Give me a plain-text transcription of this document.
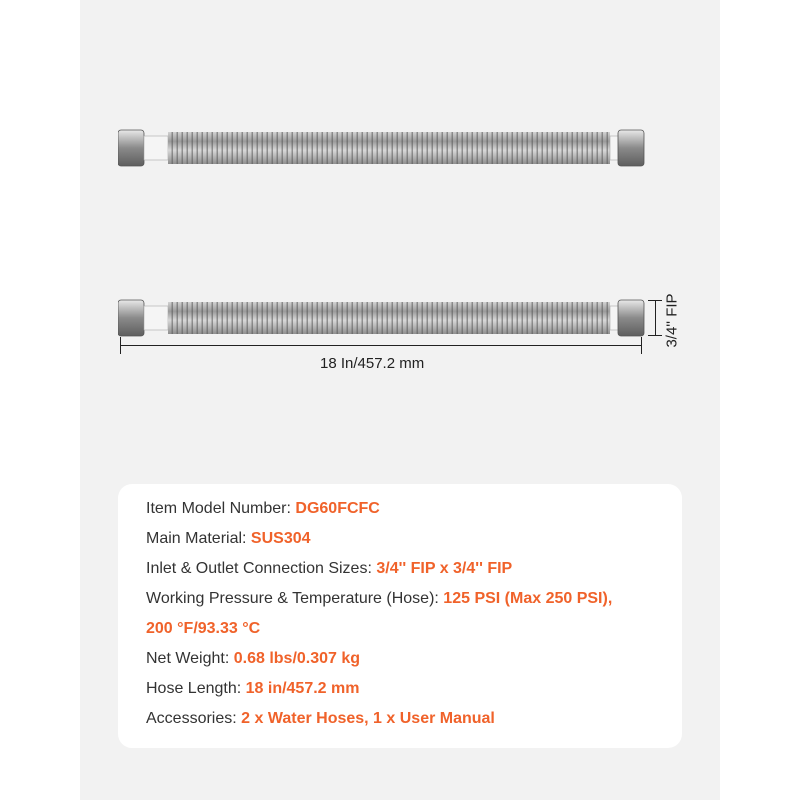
18 In/457.2 mm
3/4'' FIP
Item Model Number: DG60FCFC
Main Material: SUS304
Inlet & Outlet Connection Sizes: 3/4'' FIP x 3/4'' FIP
Working Pressure & Temperature (Hose): 125 PSI (Max 250 PSI),
200 °F/93.33 °C
Net Weight: 0.68 lbs/0.307 kg
Hose Length: 18 in/457.2 mm
Accessories: 2 x Water Hoses, 1 x User Manual
